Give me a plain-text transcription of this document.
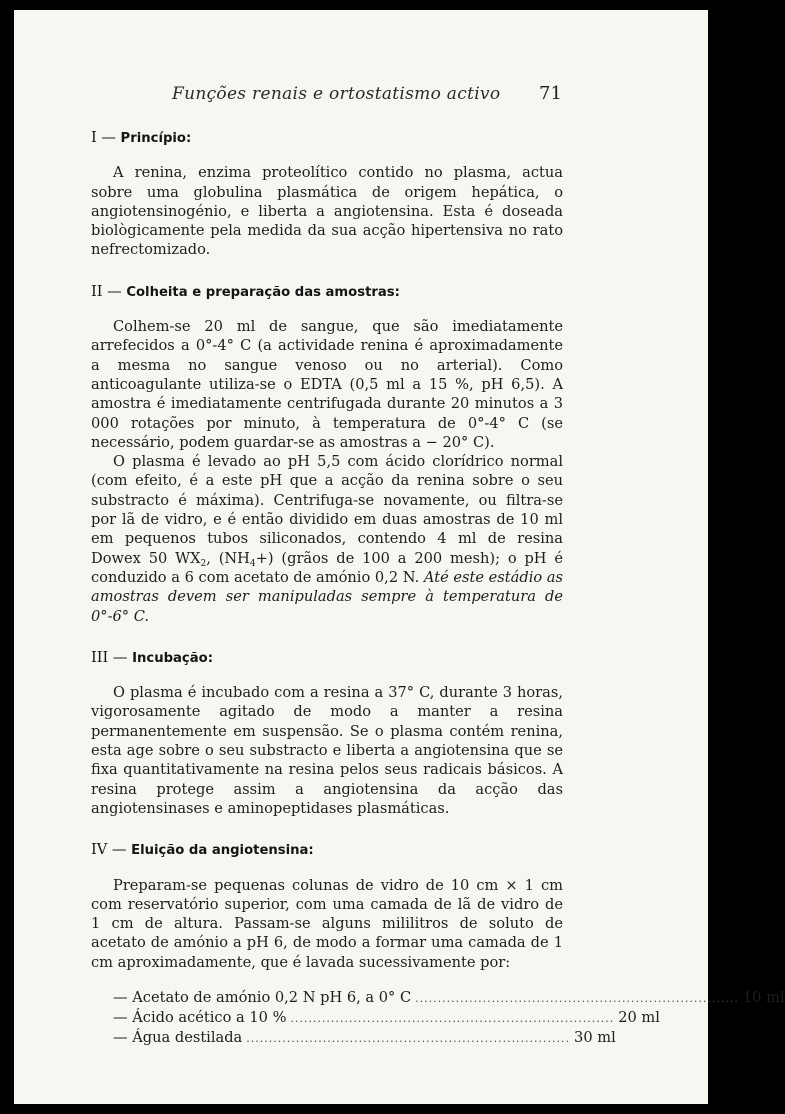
Funções renais e ortostatismo activo 71
I — Princípio:

A renina, enzima proteolítico contido no plasma, actua sobre uma globulina plasmática de origem hepática, o angiotensinogénio, e liberta a angiotensina. Esta é doseada biològicamente pela medida da sua acção hipertensiva no rato nefrectomizado.

II — Colheita e preparação das amostras:

Colhem-se 20 ml de sangue, que são imediatamente arrefecidos a 0°-4° C (a actividade renina é aproximadamente a mesma no sangue venoso ou no arterial). Como anticoagulante utiliza-se o EDTA (0,5 ml a 15 %, pH 6,5). A amostra é imediatamente centrifugada durante 20 minutos a 3 000 rotações por minuto, à temperatura de 0°-4° C (se necessário, podem guardar-se as amostras a − 20° C).

O plasma é levado ao pH 5,5 com ácido clorídrico normal (com efeito, é a este pH que a acção da renina sobre o seu substracto é máxima). Centrifuga-se novamente, ou filtra-se por lã de vidro, e é então dividido em duas amostras de 10 ml em pequenos tubos siliconados, contendo 4 ml de resina Dowex 50 $WX_2$, $(NH_4+)$ (grãos de 100 a 200 mesh); o pH é conduzido a 6 com acetato de amónio 0,2 N. Até este estádio as amostras devem ser manipuladas sempre à temperatura de 0°-6° C.

III — Incubação:

O plasma é incubado com a resina a 37° C, durante 3 horas, vigorosamente agitado de modo a manter a resina permanentemente em suspensão. Se o plasma contém renina, esta age sobre o seu substracto e liberta a angiotensina que se fixa quantitativamente na resina pelos seus radicais básicos. A resina protege assim a angiotensina da acção das angiotensinases e aminopeptidases plasmáticas.

IV — Eluição da angiotensina:

Preparam-se pequenas colunas de vidro de 10 cm × 1 cm com reservatório superior, com uma camada de lã de vidro de 1 cm de altura. Passam-se alguns mililitros de soluto de acetato de amónio a pH 6, de modo a formar uma camada de 1 cm aproximadamente, que é lavada sucessivamente por:

— Acetato de amónio 0,2 N pH 6, a 0° C ........................................................................ 10 ml
— Ácido acético a 10 % ........................................................................ 20 ml
— Água destilada ........................................................................ 30 ml
